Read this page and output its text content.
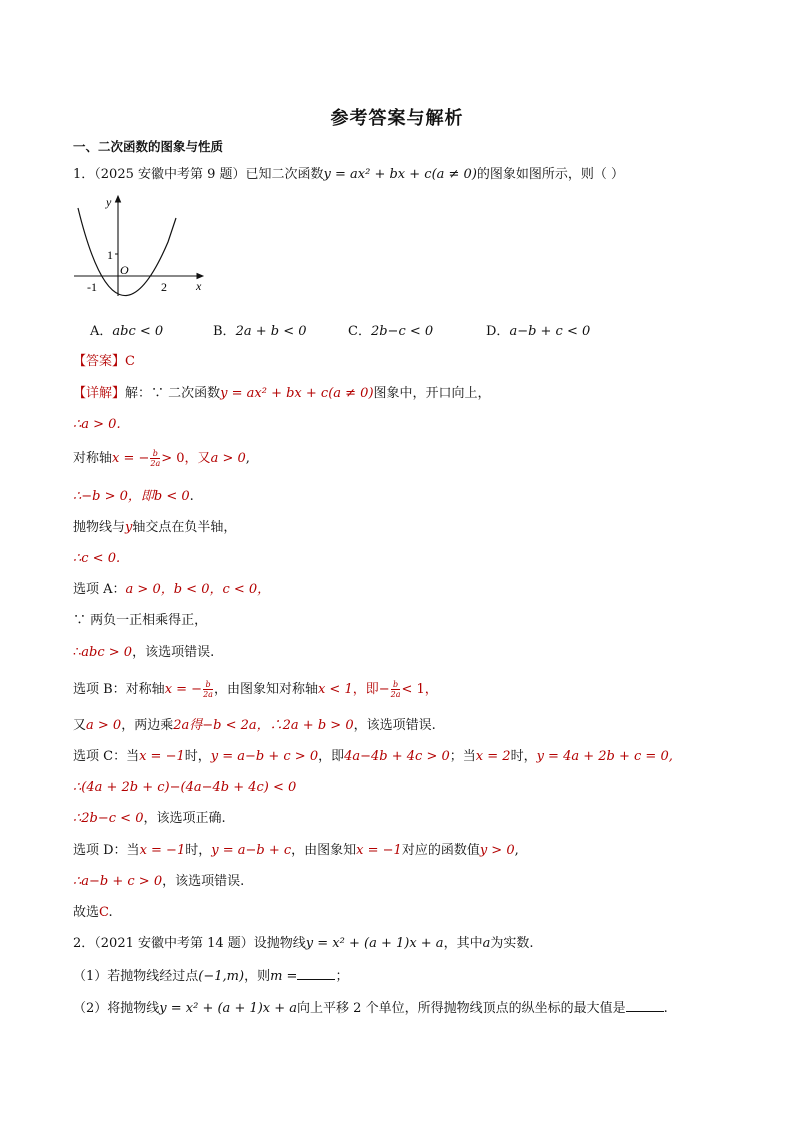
参考答案与解析
一、二次函数的图象与性质
1．（2025 安徽中考第 9 题）已知二次函数y = ax² + bx + c(a ≠ 0)的图象如图所示，则（ ）
y
x
O
1
-1	2
A．abc < 0	B．2a + b < 0	C．2b−c < 0	D．a−b + c < 0
【答案】C
【详解】解：∵ 二次函数y = ax² + bx + c(a ≠ 0)图象中，开口向上，
∴a > 0.
对称轴x = − $\frac{b}{2a} > 0$，又a > 0,
∴−b > 0，即b < 0.
抛物线与y轴交点在负半轴，
∴c < 0.
选项 A：a > 0，b < 0，c < 0，
∵ 两负一正相乘得正，
∴abc > 0，该选项错误.
选项 B：对称轴x = − $\frac{b}{2a}$ ，由图象知对称轴x < 1，即− $\frac{b}{2a} < 1$，
又a > 0，两边乘2a得−b < 2a，∴2a + b > 0，该选项错误.
选项 C：当x = −1时，y = a−b + c > 0，即4a−4b + 4c > 0；当x = 2时，y = 4a + 2b + c = 0,
∴(4a + 2b + c)−(4a−4b + 4c) < 0
∴2b−c < 0，该选项正确.
选项 D：当x = −1时，y = a−b + c，由图象知x = −1对应的函数值y > 0,
∴a−b + c > 0，该选项错误.
故选C.
2．（2021 安徽中考第 14 题）设抛物线y = x² + (a + 1)x + a，其中a为实数.
（1）若抛物线经过点(−1,m)，则m =	；
（2）将抛物线y = x² + (a + 1)x + a向上平移 2 个单位，所得抛物线顶点的纵坐标的最大值是	.
